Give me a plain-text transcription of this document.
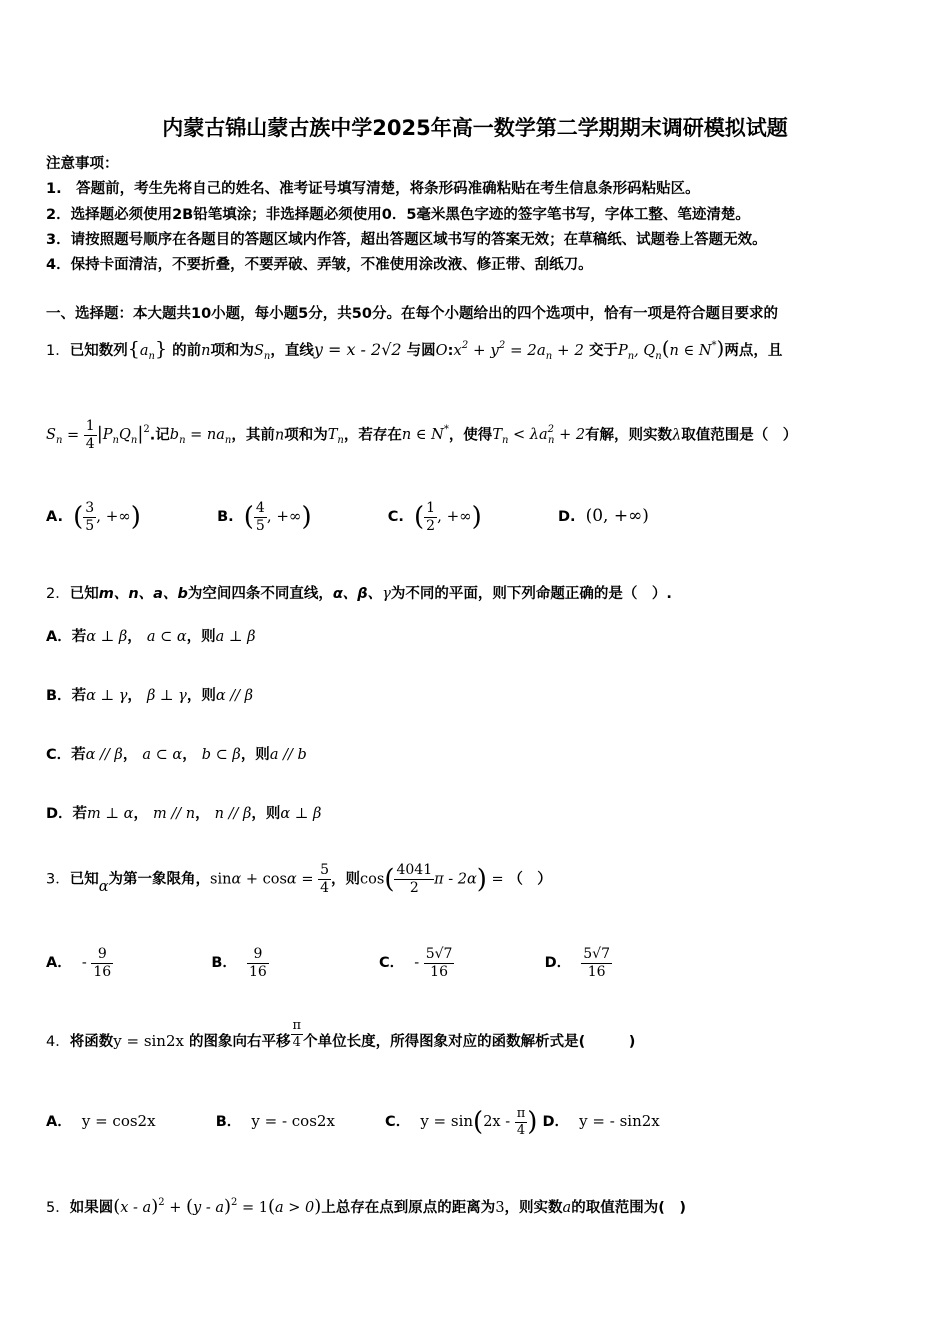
内蒙古锦山蒙古族中学2025年高一数学第二学期期末调研模拟试题
注意事项：
1.　答题前，考生先将自己的姓名、准考证号填写清楚，将条形码准确粘贴在考生信息条形码粘贴区。
2．选择题必须使用2B铅笔填涂；非选择题必须使用0．5毫米黑色字迹的签字笔书写，字体工整、笔迹清楚。
3．请按照题号顺序在各题目的答题区域内作答，超出答题区域书写的答案无效；在草稿纸、试题卷上答题无效。
4．保持卡面清洁，不要折叠，不要弄破、弄皱，不准使用涂改液、修正带、刮纸刀。
一、选择题：本大题共10小题，每小题5分，共50分。在每个小题给出的四个选项中，恰有一项是符合题目要求的
1．已知数列$\{a_n\}$ 的前n项和为$S_n$，直线y = x - 2√2 与圆$O:x^2 + y^2 = 2a_n + 2$ 交于$P_n$, $Q_n(n$ ∈ N*)两点，且
$S_n = \frac{1}{4} |P_nQ_n|^2$.记$b_n = na_n$，其前n项和为$T_n$，若存在n ∈ N*，使得$T_n < \lambda a^2_n + 2$有解，则实数λ取值范围是（　）
A. ( $\frac{3}{5}$ , +∞)	B. ( $\frac{4}{5}$ , +∞)	C. ( $\frac{1}{2}$ , +∞)	D. (0, +∞)
2．已知m、n、a、b为空间四条不同直线，α、β、γ为不同的平面，则下列命题正确的是（　）.
A．若α ⊥ β， a ⊂ α，则a ⊥ β
B．若α ⊥ γ， β ⊥ γ，则α // β
C．若α // β， a ⊂ α， b ⊂ β，则a // b
D．若m ⊥ α， m // n， n // β，则α ⊥ β
3．已知α为第一象限角，$\sin\alpha + \cos\alpha = \frac{5}{4}$ ，则$\cos( \frac{4041}{2}$ π - 2α) = （　）
A． - $\frac{9}{16}$	B． $\frac{9}{16}$	C． - $\frac{5√7}{16}$	D． $\frac{5√7}{16}$
4．将函数y = sin2x 的图象向右平移 $\frac{\pi}{4}$ 个单位长度，所得图象对应的函数解析式是(　　　)
A． y = cos2x	B． y = - cos2x	C． $y = \sin(2x - \frac{\pi}{4}$ ) D． y = - sin2x
5．如果圆(x - a)$^2$ + (y - a)$^2$ = 1(a > 0)上总存在点到原点的距离为3，则实数a的取值范围为(　)
